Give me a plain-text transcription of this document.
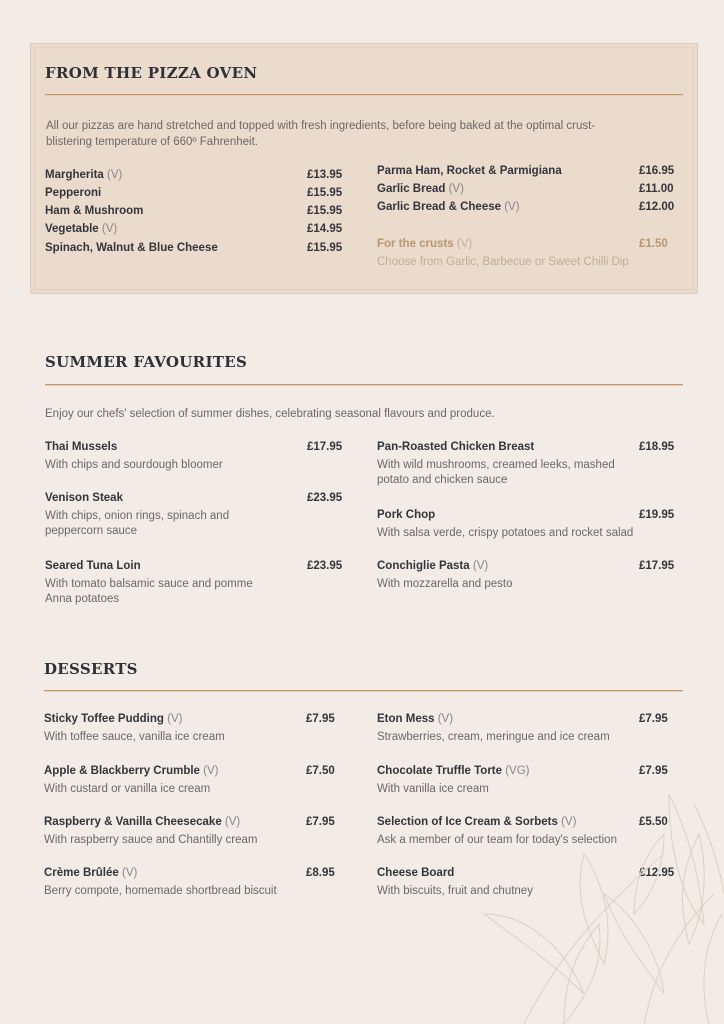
FROM THE PIZZA OVEN
All our pizzas are hand stretched and topped with fresh ingredients, before being baked at the optimal crust-
blistering temperature of 660º Fahrenheit.
Margherita (V)	£13.95
Pepperoni	£15.95
Ham & Mushroom	£15.95
Vegetable (V)	£14.95
Spinach, Walnut & Blue Cheese	£15.95
Parma Ham, Rocket & Parmigiana	£16.95
Garlic Bread (V)	£11.00
Garlic Bread & Cheese (V)	£12.00
For the crusts (V)	£1.50
Choose from Garlic, Barbecue or Sweet Chilli Dip
SUMMER FAVOURITES
Enjoy our chefs' selection of summer dishes, celebrating seasonal flavours and produce.
Thai Mussels	£17.95
With chips and sourdough bloomer
Venison Steak	£23.95
With chips, onion rings, spinach and
peppercorn sauce
Seared Tuna Loin	£23.95
With tomato balsamic sauce and pomme
Anna potatoes
Pan-Roasted Chicken Breast	£18.95
With wild mushrooms, creamed leeks, mashed
potato and chicken sauce
Pork Chop	£19.95
With salsa verde, crispy potatoes and rocket salad
Conchiglie Pasta (V)	£17.95
With mozzarella and pesto
DESSERTS
Sticky Toffee Pudding (V)	£7.95
With toffee sauce, vanilla ice cream
Apple & Blackberry Crumble (V)	£7.50
With custard or vanilla ice cream
Raspberry & Vanilla Cheesecake (V)	£7.95
With raspberry sauce and Chantilly cream
Crème Brûlée (V)	£8.95
Berry compote, homemade shortbread biscuit
Eton Mess (V)	£7.95
Strawberries, cream, meringue and ice cream
Chocolate Truffle Torte (VG)	£7.95
With vanilla ice cream
Selection of Ice Cream & Sorbets (V)	£5.50
Ask a member of our team for today's selection
Cheese Board	£12.95
With biscuits, fruit and chutney
